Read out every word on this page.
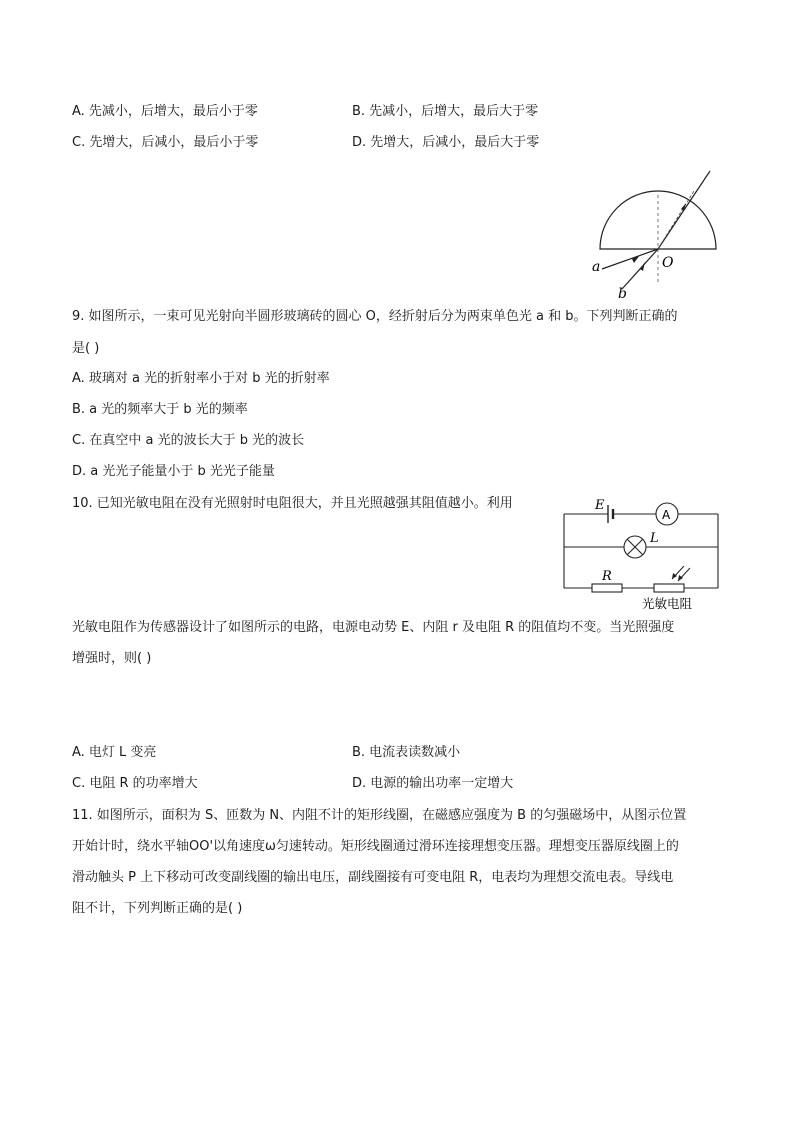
A. 先减小，后增大，最后小于零	B. 先减小，后增大，最后大于零
C. 先增大，后减小，最后小于零	D. 先增大，后减小，最后大于零
a
b
O
9. 如图所示，一束可见光射向半圆形玻璃砖的圆心 O，经折射后分为两束单色光 a 和 b。下列判断正确的
是( )
A. 玻璃对 a 光的折射率小于对 b 光的折射率
B. a 光的频率大于 b 光的频率
C. 在真空中 a 光的波长大于 b 光的波长
D. a 光光子能量小于 b 光光子能量
10. 已知光敏电阻在没有光照射时电阻很大，并且光照越强其阻值越小。利用
A
E
L
R
光敏电阻
光敏电阻作为传感器设计了如图所示的电路，电源电动势 E、内阻 r 及电阻 R 的阻值均不变。当光照强度
增强时，则( )
A. 电灯 L 变亮	B. 电流表读数减小
C. 电阻 R 的功率增大	D. 电源的输出功率一定增大
11. 如图所示，面积为 S、匝数为 N、内阻不计的矩形线圈，在磁感应强度为 B 的匀强磁场中，从图示位置
开始计时，绕水平轴OO'以角速度ω匀速转动。矩形线圈通过滑环连接理想变压器。理想变压器原线圈上的
滑动触头 P 上下移动可改变副线圈的输出电压，副线圈接有可变电阻 R，电表均为理想交流电表。导线电
阻不计，下列判断正确的是( )
